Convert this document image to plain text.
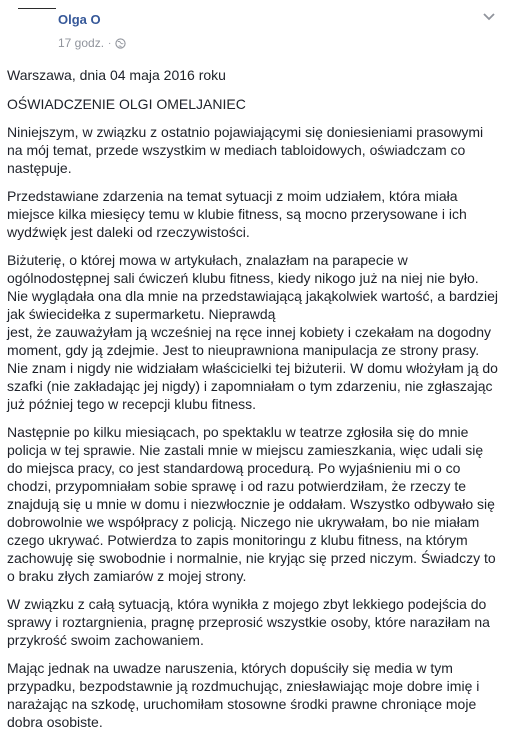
Olga O
17 godz. ·

Warszawa, dnia 04 maja 2016 roku

OŚWIADCZENIE OLGI OMELJANIEC

Niniejszym, w związku z ostatnio pojawiającymi się doniesieniami prasowymi na mój temat, przede wszystkim w mediach tabloidowych, oświadczam co następuje.

Przedstawiane zdarzenia na temat sytuacji z moim udziałem, która miała miejsce kilka miesięcy temu w klubie fitness, są mocno przerysowane i ich wydźwięk jest daleki od rzeczywistości.

Biżuterię, o której mowa w artykułach, znalazłam na parapecie w ogólnodostępnej sali ćwiczeń klubu fitness, kiedy nikogo już na niej nie było. Nie wyglądała ona dla mnie na przedstawiającą jakąkolwiek wartość, a bardziej jak świecidełka z supermarketu. Nieprawdą
jest, że zauważyłam ją wcześniej na ręce innej kobiety i czekałam na dogodny moment, gdy ją zdejmie. Jest to nieuprawniona manipulacja ze strony prasy. Nie znam i nigdy nie widziałam właścicielki tej biżuterii. W domu włożyłam ją do szafki (nie zakładając jej nigdy) i zapomniałam o tym zdarzeniu, nie zgłaszając już później tego w recepcji klubu fitness.

Następnie po kilku miesiącach, po spektaklu w teatrze zgłosiła się do mnie policja w tej sprawie. Nie zastali mnie w miejscu zamieszkania, więc udali się do miejsca pracy, co jest standardową procedurą. Po wyjaśnieniu mi o co chodzi, przypomniałam sobie sprawę i od razu potwierdziłam, że rzeczy te znajdują się u mnie w domu i niezwłocznie je oddałam. Wszystko odbywało się dobrowolnie we współpracy z policją. Niczego nie ukrywałam, bo nie miałam czego ukrywać. Potwierdza to zapis monitoringu z klubu fitness, na którym zachowuję się swobodnie i normalnie, nie kryjąc się przed niczym. Świadczy to o braku złych zamiarów z mojej strony.

W związku z całą sytuacją, która wynikła z mojego zbyt lekkiego podejścia do sprawy i roztargnienia, pragnę przeprosić wszystkie osoby, które naraziłam na przykrość swoim zachowaniem.

Mając jednak na uwadze naruszenia, których dopuściły się media w tym przypadku, bezpodstawnie ją rozdmuchując, zniesławiając moje dobre imię i narażając na szkodę, uruchomiłam stosowne środki prawne chroniące moje dobra osobiste.
